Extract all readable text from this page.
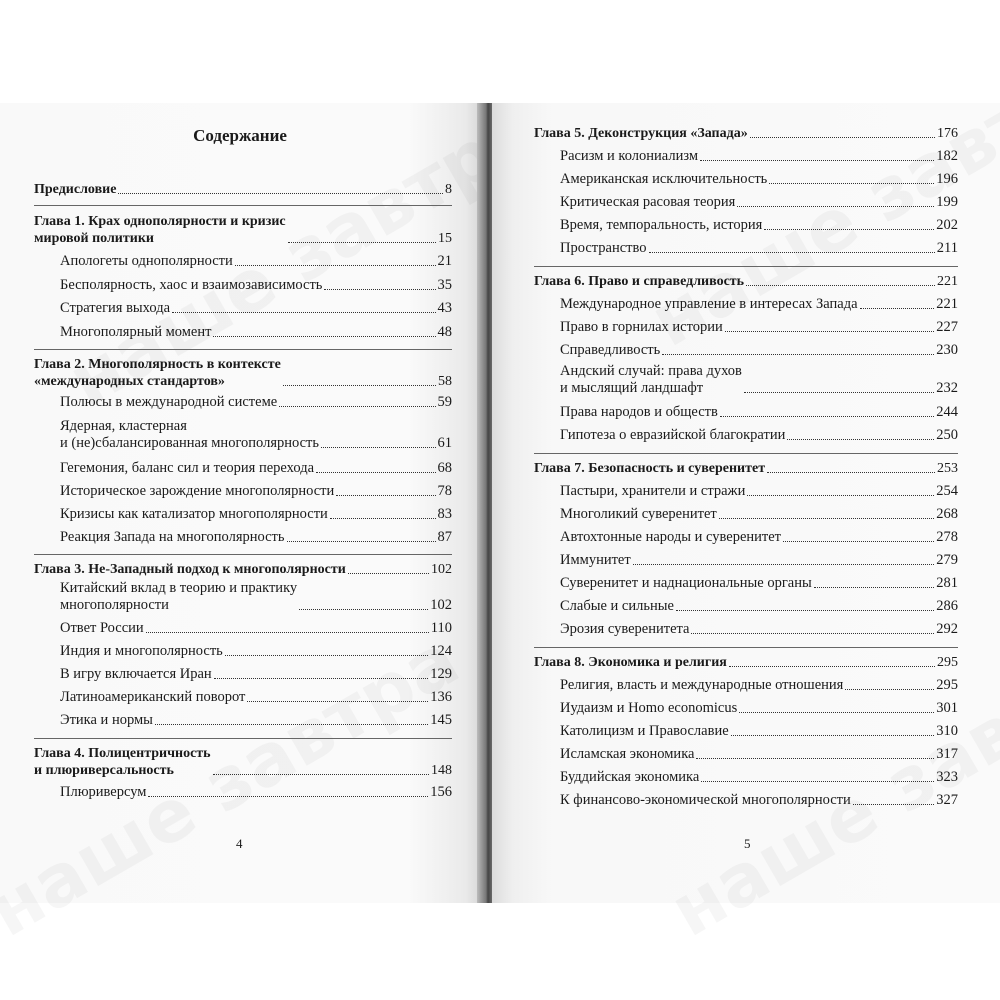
Содержание
Предисловие	8
Глава 1. Крах однополярности и кризис
мировой политики	15
Апологеты однополярности	21
Бесполярность, хаос и взаимозависимость	35
Стратегия выхода	43
Многополярный момент	48
Глава 2. Многополярность в контексте
«международных стандартов»	58
Полюсы в международной системе	59
Ядерная, кластерная
и (не)сбалансированная многополярность	61
Гегемония, баланс сил и теория перехода	68
Историческое зарождение многополярности	78
Кризисы как катализатор многополярности	83
Реакция Запада на многополярность	87
Глава 3. Не-Западный подход к многополярности	102
Китайский вклад в теорию и практику
многополярности	102
Ответ России	110
Индия и многополярность	124
В игру включается Иран	129
Латиноамериканский поворот	136
Этика и нормы	145
Глава 4. Полицентричность
и плюриверсальность	148
Плюриверсум	156
4
Глава 5. Деконструкция «Запада»	176
Расизм и колониализм	182
Американская исключительность	196
Критическая расовая теория	199
Время, темпоральность, история	202
Пространство	211
Глава 6. Право и справедливость	221
Международное управление в интересах Запада	221
Право в горнилах истории	227
Справедливость	230
Андский случай: права духов
и мыслящий ландшафт	232
Права народов и обществ	244
Гипотеза о евразийской благократии	250
Глава 7. Безопасность и суверенитет	253
Пастыри, хранители и стражи	254
Многоликий суверенитет	268
Автохтонные народы и суверенитет	278
Иммунитет	279
Суверенитет и наднациональные органы	281
Слабые и сильные	286
Эрозия суверенитета	292
Глава 8. Экономика и религия	295
Религия, власть и международные отношения	295
Иудаизм и Homo economicus	301
Католицизм и Православие	310
Исламская экономика	317
Буддийская экономика	323
К финансово-экономической многополярности	327
5
